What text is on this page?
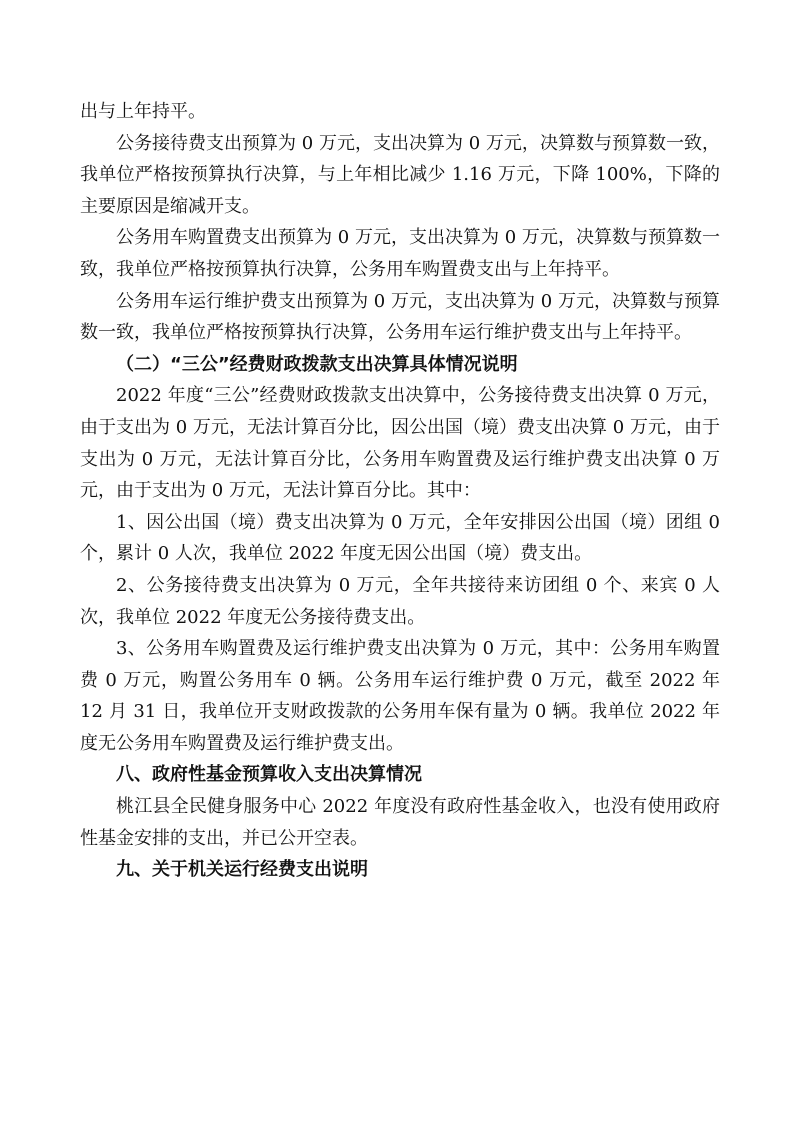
出与上年持平。

公务接待费支出预算为 0 万元，支出决算为 0 万元，决算数与预算数一致，我单位严格按预算执行决算，与上年相比减少 1.16 万元，下降 100%，下降的主要原因是缩减开支。

公务用车购置费支出预算为 0 万元，支出决算为 0 万元，决算数与预算数一致，我单位严格按预算执行决算，公务用车购置费支出与上年持平。

公务用车运行维护费支出预算为 0 万元，支出决算为 0 万元，决算数与预算数一致，我单位严格按预算执行决算，公务用车运行维护费支出与上年持平。

（二）“三公”经费财政拨款支出决算具体情况说明

2022 年度“三公”经费财政拨款支出决算中，公务接待费支出决算 0 万元，由于支出为 0 万元，无法计算百分比，因公出国（境）费支出决算 0 万元，由于支出为 0 万元，无法计算百分比，公务用车购置费及运行维护费支出决算 0 万元，由于支出为 0 万元，无法计算百分比。其中：

1、因公出国（境）费支出决算为 0 万元，全年安排因公出国（境）团组 0 个，累计 0 人次，我单位 2022 年度无因公出国（境）费支出。

2、公务接待费支出决算为 0 万元，全年共接待来访团组 0 个、来宾 0 人次，我单位 2022 年度无公务接待费支出。

3、公务用车购置费及运行维护费支出决算为 0 万元，其中：公务用车购置费 0 万元，购置公务用车 0 辆。公务用车运行维护费 0 万元，截至 2022 年 12 月 31 日，我单位开支财政拨款的公务用车保有量为 0 辆。我单位 2022 年度无公务用车购置费及运行维护费支出。

八、政府性基金预算收入支出决算情况

桃江县全民健身服务中心 2022 年度没有政府性基金收入，也没有使用政府性基金安排的支出，并已公开空表。

九、关于机关运行经费支出说明
